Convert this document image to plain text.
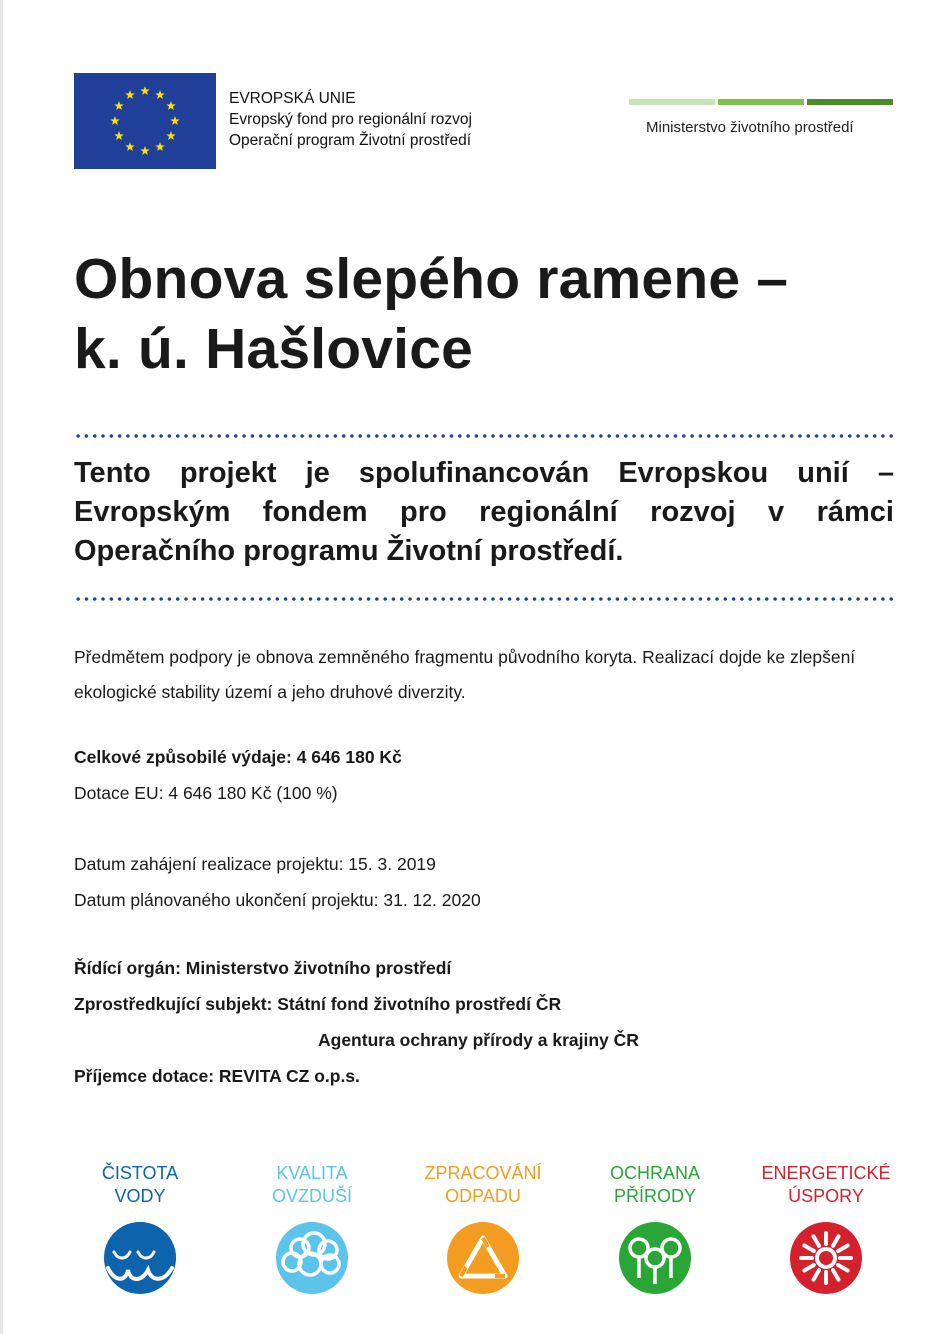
EVROPSKÁ UNIE
Evropský fond pro regionální rozvoj
Operační program Životní prostředí
Ministerstvo životního prostředí
Obnova slepého ramene –
k. ú. Hašlovice
Tento projekt je spolufinancován Evropskou unií –
Evropským fondem pro regionální rozvoj v rámci
Operačního programu Životní prostředí.
Předmětem podpory je obnova zemněného fragmentu původního koryta. Realizací dojde ke zlepšení ekologické stability území a jeho druhové diverzity.
Celkové způsobilé výdaje: 4 646 180 Kč
Dotace EU: 4 646 180 Kč (100 %)
Datum zahájení realizace projektu: 15. 3. 2019
Datum plánovaného ukončení projektu: 31. 12. 2020
Řídící orgán: Ministerstvo životního prostředí
Zprostředkující subjekt: Státní fond životního prostředí ČR
Agentura ochrany přírody a krajiny ČR
Příjemce dotace: REVITA CZ o.p.s.
ČISTOTA
VODY
KVALITA
OVZDUŠÍ
ZPRACOVÁNÍ
ODPADU
OCHRANA
PŘÍRODY
ENERGETICKÉ
ÚSPORY
